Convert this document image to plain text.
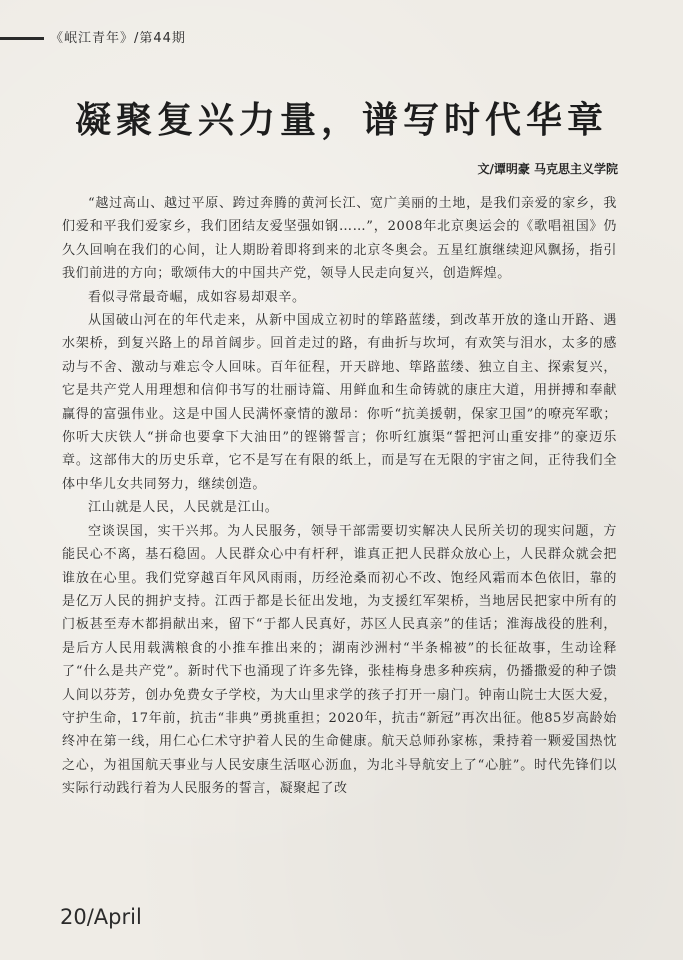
《岷江青年》/第44期
凝聚复兴力量，谱写时代华章
文/谭明豪 马克思主义学院

“越过高山、越过平原、跨过奔腾的黄河长江、宽广美丽的土地，是我们亲爱的家乡，我们爱和平我们爱家乡，我们团结友爱坚强如钢……”，2008年北京奥运会的《歌唱祖国》仍久久回响在我们的心间，让人期盼着即将到来的北京冬奥会。五星红旗继续迎风飘扬，指引我们前进的方向；歌颂伟大的中国共产党，领导人民走向复兴，创造辉煌。

看似寻常最奇崛，成如容易却艰辛。

从国破山河在的年代走来，从新中国成立初时的筚路蓝缕，到改革开放的逢山开路、遇水架桥，到复兴路上的昂首阔步。回首走过的路，有曲折与坎坷，有欢笑与泪水，太多的感动与不舍、激动与难忘令人回味。百年征程，开天辟地、筚路蓝缕、独立自主、探索复兴，它是共产党人用理想和信仰书写的壮丽诗篇、用鲜血和生命铸就的康庄大道，用拼搏和奉献赢得的富强伟业。这是中国人民满怀豪情的激昂：你听“抗美援朝，保家卫国”的嘹亮军歌；你听大庆铁人“拼命也要拿下大油田”的铿锵誓言；你听红旗渠“誓把河山重安排”的豪迈乐章。这部伟大的历史乐章，它不是写在有限的纸上，而是写在无限的宇宙之间，正待我们全体中华儿女共同努力，继续创造。

江山就是人民，人民就是江山。

空谈误国，实干兴邦。为人民服务，领导干部需要切实解决人民所关切的现实问题，方能民心不离，基石稳固。人民群众心中有杆秤，谁真正把人民群众放心上，人民群众就会把谁放在心里。我们党穿越百年风风雨雨，历经沧桑而初心不改、饱经风霜而本色依旧，靠的是亿万人民的拥护支持。江西于都是长征出发地，为支援红军架桥，当地居民把家中所有的门板甚至寿木都捐献出来，留下“于都人民真好，苏区人民真亲”的佳话；淮海战役的胜利，是后方人民用载满粮食的小推车推出来的；湖南沙洲村“半条棉被”的长征故事，生动诠释了“什么是共产党”。新时代下也涌现了许多先锋，张桂梅身患多种疾病，仍播撒爱的种子馈人间以芬芳，创办免费女子学校，为大山里求学的孩子打开一扇门。钟南山院士大医大爱，守护生命，17年前，抗击“非典”勇挑重担；2020年，抗击“新冠”再次出征。他85岁高龄始终冲在第一线，用仁心仁术守护着人民的生命健康。航天总师孙家栋，秉持着一颗爱国热忱之心，为祖国航天事业与人民安康生活呕心沥血，为北斗导航安上了“心脏”。时代先锋们以实际行动践行着为人民服务的誓言，凝聚起了改

20/April
